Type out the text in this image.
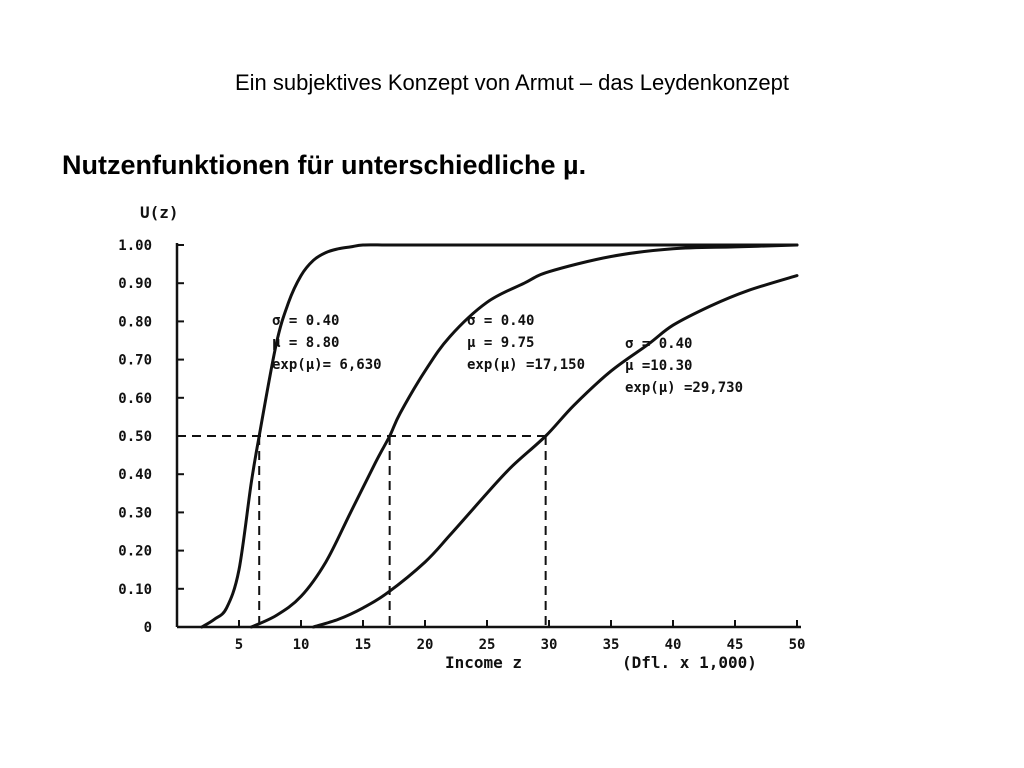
Ein subjektives Konzept von Armut – das Leydenkonzept
Nutzenfunktionen für unterschiedliche µ.
0
0.10
0.20
0.30
0.40
0.50
0.60
0.70
0.80
0.90
1.00
5	10	15	20	25	30	35	40	45	50
σ = 0.40
µ = 8.80
exp(µ)= 6,630
σ = 0.40
µ = 9.75
exp(µ) =17,150
σ = 0.40
µ =10.30
exp(µ) =29,730
U(z)
Income z	(Dfl. x 1,000)
